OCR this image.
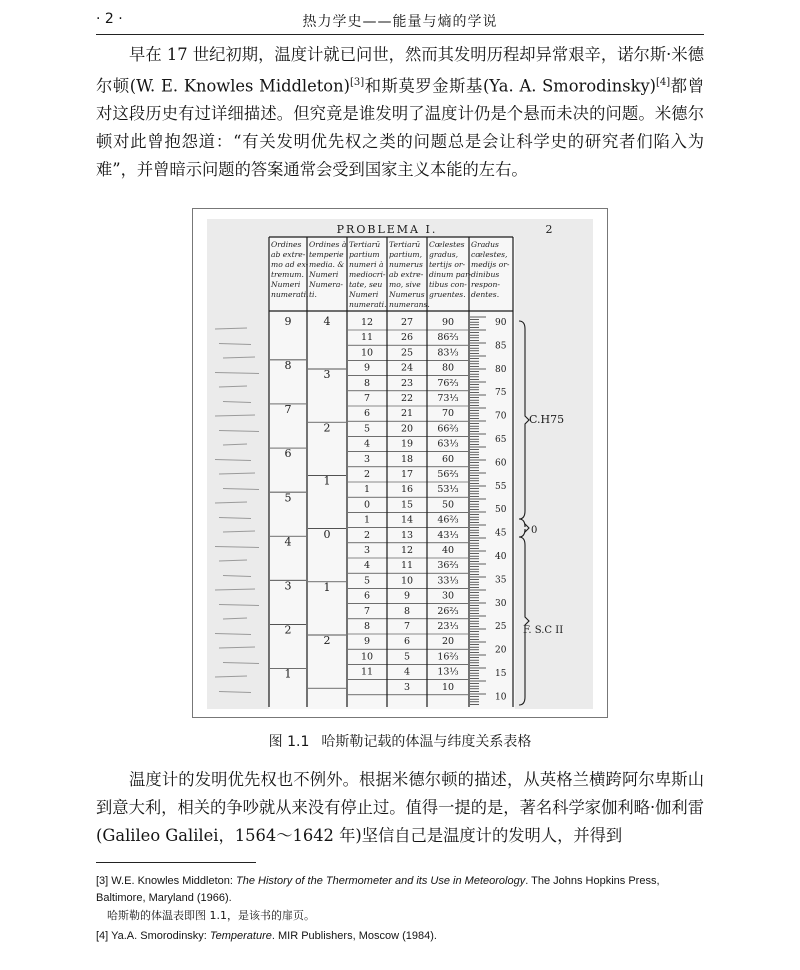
· 2 ·	热力学史——能量与熵的学说

早在 17 世纪初期，温度计就已问世，然而其发明历程却异常艰辛，诺尔斯·米德尔顿(W. E. Knowles Middleton)[3]和斯莫罗金斯基(Ya. A. Smorodinsky)[4]都曾对这段历史有过详细描述。但究竟是谁发明了温度计仍是个悬而未决的问题。米德尔顿对此曾抱怨道：“有关发明优先权之类的问题总是会让科学史的研究者们陷入为难”，并曾暗示问题的答案通常会受到国家主义本能的左右。

PROBLEMA I.	2
Ordines
ab extre-
mo ad ex-
tremum.
Numeri
numerati.
Ordines à
temperie
media. &
Numeri
Numera-
ti.
Tertiarū
partium
numeri à
mediocri-
tate, seu
Numeri
numerati.
Tertiarū
partium,
numerus
ab extre-
mo, sive
Numerus
numerans.
Cœlestes
gradus,
tertijs or-
dinum par-
tibus con-
gruentes.
Gradus
cœlestes,
medijs or-
dinibus
respon-
dentes.
9
8
7
6
5
4
3
2
1
4
3
2
1
0
1
2
12
11
10
9
8
7
6
5
4
3
2
1
0
1
2
3
4
5
6
7
8
9
10
11
27
26
25
24
23
22
21
20
19
18
17
16
15
14
13
12
11
10
9
8
7
6
5
4
3
90
86⅔
83⅓
80
76⅔
73⅓
70
66⅔
63⅓
60
56⅔
53⅓
50
46⅔
43⅓
40
36⅔
33⅓
30
26⅔
23⅓
20
16⅔
13⅓
10
90
85
80
75
70
65
60
55
50
45
40
35
30
25
20
15
10
C.H75
0
F. S.C II
图 1.1 哈斯勒记载的体温与纬度关系表格

温度计的发明优先权也不例外。根据米德尔顿的描述，从英格兰横跨阿尔卑斯山到意大利，相关的争吵就从来没有停止过。值得一提的是，著名科学家伽利略·伽利雷(Galileo Galilei，1564～1642 年)坚信自己是温度计的发明人，并得到

[3] W.E. Knowles Middleton: The History of the Thermometer and its Use in Meteorology. The Johns Hopkins Press, Baltimore, Maryland (1966).

哈斯勒的体温表即图 1.1，是该书的扉页。

[4] Ya.A. Smorodinsky: Temperature. MIR Publishers, Moscow (1984).
